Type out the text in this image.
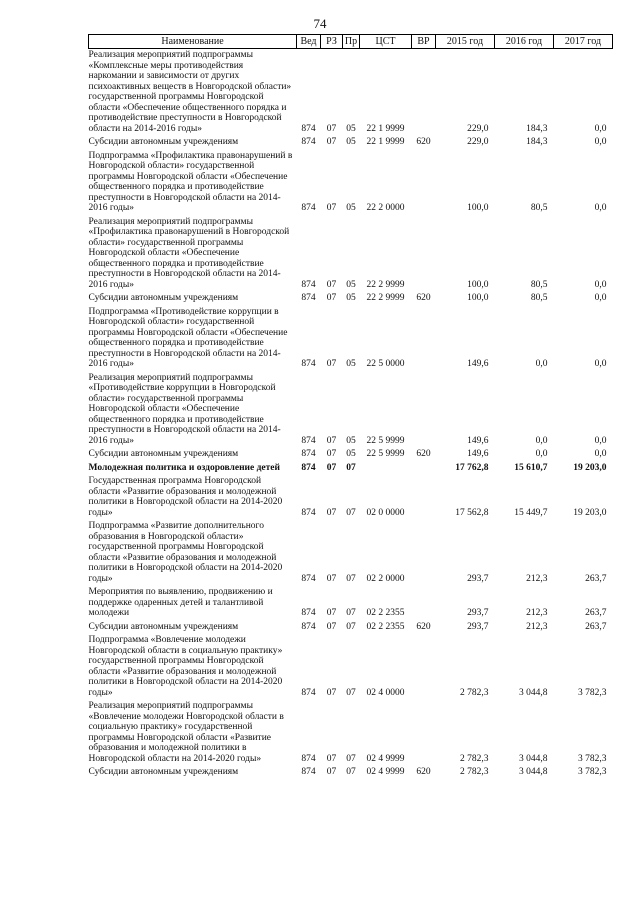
74
Наименование	Вед	РЗ	Пр	ЦСТ	ВР	2015 год	2016 год	2017 год
Реализация мероприятий подпрограммы «Комплексные меры противодействия наркомании и зависимости от других психоактивных веществ в Новгородской области» государственной программы Новгородской области «Обеспечение общественного порядка и противодействие преступности в Новгородской области на 2014-2016 годы»	874	07	05	22 1 9999		229,0	184,3	0,0
Субсидии автономным учреждениям	874	07	05	22 1 9999	620	229,0	184,3	0,0
Подпрограмма «Профилактика правонарушений в Новгородской области» государственной программы Новгородской области «Обеспечение общественного порядка и противодействие преступности в Новгородской области на 2014-2016 годы»	874	07	05	22 2 0000		100,0	80,5	0,0
Реализация мероприятий подпрограммы «Профилактика правонарушений в Новгородской области» государственной программы Новгородской области «Обеспечение общественного порядка и противодействие преступности в Новгородской области на 2014-2016 годы»	874	07	05	22 2 9999		100,0	80,5	0,0
Субсидии автономным учреждениям	874	07	05	22 2 9999	620	100,0	80,5	0,0
Подпрограмма «Противодействие коррупции в Новгородской области» государственной программы Новгородской области «Обеспечение общественного порядка и противодействие преступности в Новгородской области на 2014-2016 годы»	874	07	05	22 5 0000		149,6	0,0	0,0
Реализация мероприятий подпрограммы «Противодействие коррупции в Новгородской области» государственной программы Новгородской области «Обеспечение общественного порядка и противодействие преступности в Новгородской области на 2014-2016 годы»	874	07	05	22 5 9999		149,6	0,0	0,0
Субсидии автономным учреждениям	874	07	05	22 5 9999	620	149,6	0,0	0,0
Молодежная политика и оздоровление детей	874	07	07			17 762,8	15 610,7	19 203,0
Государственная программа Новгородской области «Развитие образования и молодежной политики в Новгородской области на 2014-2020 годы»	874	07	07	02 0 0000		17 562,8	15 449,7	19 203,0
Подпрограмма «Развитие дополнительного образования в Новгородской области» государственной программы Новгородской области «Развитие образования и молодежной политики в Новгородской области на 2014-2020 годы»	874	07	07	02 2 0000		293,7	212,3	263,7
Мероприятия по выявлению, продвижению и поддержке одаренных детей и талантливой молодежи	874	07	07	02 2 2355		293,7	212,3	263,7
Субсидии автономным учреждениям	874	07	07	02 2 2355	620	293,7	212,3	263,7
Подпрограмма «Вовлечение молодежи Новгородской области в социальную практику» государственной программы Новгородской области «Развитие образования и молодежной политики в Новгородской области на 2014-2020 годы»	874	07	07	02 4 0000		2 782,3	3 044,8	3 782,3
Реализация мероприятий подпрограммы «Вовлечение молодежи Новгородской области в социальную практику» государственной программы Новгородской области «Развитие образования и молодежной политики в Новгородской области на 2014-2020 годы»	874	07	07	02 4 9999		2 782,3	3 044,8	3 782,3
Субсидии автономным учреждениям	874	07	07	02 4 9999	620	2 782,3	3 044,8	3 782,3
